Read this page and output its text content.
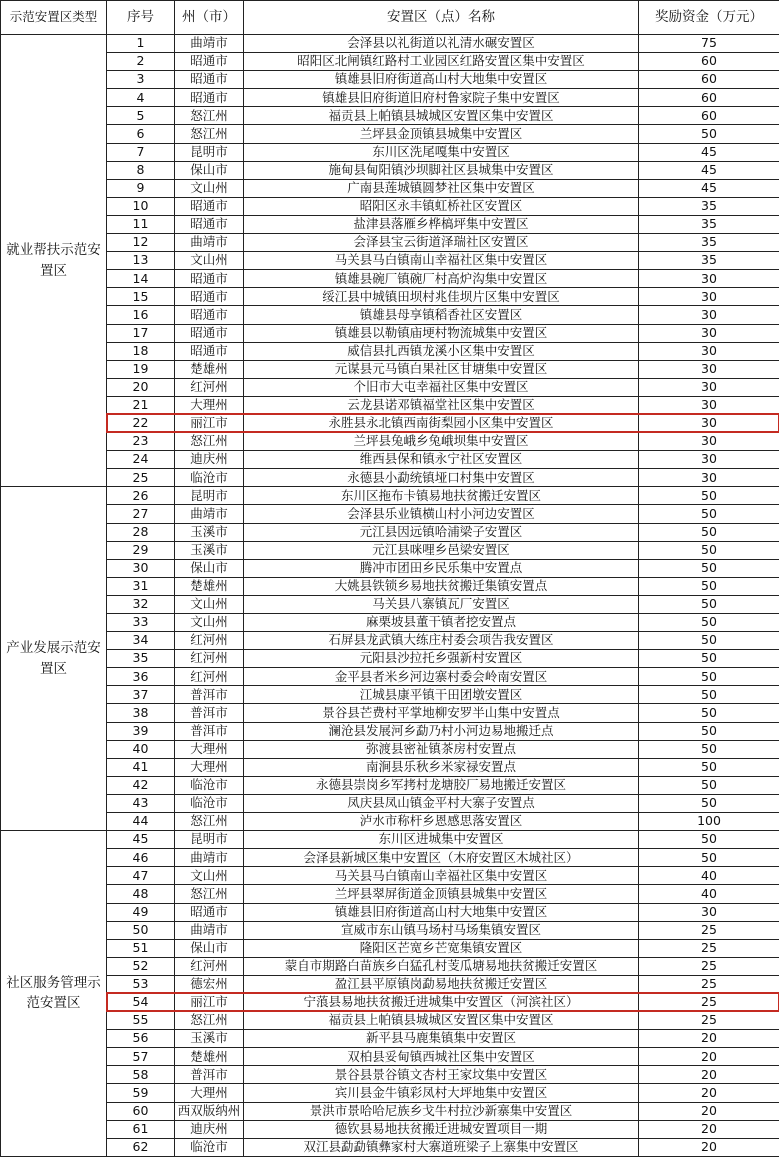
示范安置区类型	序号	州（市）	安置区（点）名称	奖励资金（万元）
就业帮扶示范安置区	1	曲靖市	会泽县以礼街道以礼清水碾安置区	75
	2	昭通市	昭阳区北闸镇红路村工业园区红路安置区集中安置区	60
	3	昭通市	镇雄县旧府街道高山村大地集中安置区	60
	4	昭通市	镇雄县旧府街道旧府村鲁家院子集中安置区	60
	5	怒江州	福贡县上帕镇县城城区安置区集中安置区	60
	6	怒江州	兰坪县金顶镇县城集中安置区	50
	7	昆明市	东川区洗尾嘎集中安置区	45
	8	保山市	施甸县甸阳镇沙坝脚社区县城集中安置区	45
	9	文山州	广南县莲城镇圆梦社区集中安置区	45
	10	昭通市	昭阳区永丰镇虹桥社区安置区	35
	11	昭通市	盐津县落雁乡桦槁坪集中安置区	35
	12	曲靖市	会泽县宝云街道泽瑞社区安置区	35
	13	文山州	马关县马白镇南山幸福社区集中安置区	35
	14	昭通市	镇雄县碗厂镇碗厂村高炉沟集中安置区	30
	15	昭通市	绥江县中城镇田坝村兆佳坝片区集中安置区	30
	16	昭通市	镇雄县母享镇稻香社区安置区	30
	17	昭通市	镇雄县以勒镇庙埂村物流城集中安置区	30
	18	昭通市	威信县扎西镇龙溪小区集中安置区	30
	19	楚雄州	元谋县元马镇白果社区甘塘集中安置区	30
	20	红河州	个旧市大屯幸福社区集中安置区	30
	21	大理州	云龙县诺邓镇福堂社区集中安置区	30
	22	丽江市	永胜县永北镇西南街梨园小区集中安置区	30
	23	怒江州	兰坪县兔峨乡兔峨坝集中安置区	30
	24	迪庆州	维西县保和镇永宁社区安置区	30
	25	临沧市	永德县小勐统镇垭口村集中安置区	30
产业发展示范安置区	26	昆明市	东川区拖布卡镇易地扶贫搬迁安置区	50
	27	曲靖市	会泽县乐业镇横山村小河边安置区	50
	28	玉溪市	元江县因远镇哈浦梁子安置区	50
	29	玉溪市	元江县咪哩乡邑梁安置区	50
	30	保山市	腾冲市团田乡民乐集中安置点	50
	31	楚雄州	大姚县铁锁乡易地扶贫搬迁集镇安置点	50
	32	文山州	马关县八寨镇瓦厂安置区	50
	33	文山州	麻栗坡县董干镇者挖安置点	50
	34	红河州	石屏县龙武镇大练庄村委会项告我安置区	50
	35	红河州	元阳县沙拉托乡强新村安置区	50
	36	红河州	金平县者米乡河边寨村委会岭南安置区	50
	37	普洱市	江城县康平镇干田团墩安置区	50
	38	普洱市	景谷县芒费村平掌地柳安罗半山集中安置点	50
	39	普洱市	澜沧县发展河乡勐乃村小河边易地搬迁点	50
	40	大理州	弥渡县密祉镇茶房村安置点	50
	41	大理州	南涧县乐秋乡米家禄安置点	50
	42	临沧市	永德县崇岗乡军拷村龙塘胶厂易地搬迁安置区	50
	43	临沧市	凤庆县凤山镇金平村大寨子安置点	50
	44	怒江州	泸水市称杆乡恩感思落安置区	100
社区服务管理示范安置区	45	昆明市	东川区进城集中安置区	50
	46	曲靖市	会泽县新城区集中安置区（木府安置区木城社区）	50
	47	文山州	马关县马白镇南山幸福社区集中安置区	40
	48	怒江州	兰坪县翠屏街道金顶镇县城集中安置区	40
	49	昭通市	镇雄县旧府街道高山村大地集中安置区	30
	50	曲靖市	宣威市东山镇马场村马场集镇安置区	25
	51	保山市	隆阳区芒宽乡芒宽集镇安置区	25
	52	红河州	蒙自市期路白苗族乡白猛孔村芰瓜塘易地扶贫搬迁安置区	25
	53	德宏州	盈江县平原镇岗勐易地扶贫搬迁安置区	25
	54	丽江市	宁蒗县易地扶贫搬迁进城集中安置区（河滨社区）	25
	55	怒江州	福贡县上帕镇县城城区安置区集中安置区	25
	56	玉溪市	新平县马鹿集镇集中安置区	20
	57	楚雄州	双柏县妥甸镇西城社区集中安置区	20
	58	普洱市	景谷县景谷镇文杏村王家坟集中安置区	20
	59	大理州	宾川县金牛镇彩凤村大坪地集中安置区	20
	60	西双版纳州	景洪市景哈哈尼族乡戈牛村拉沙新寨集中安置区	20
	61	迪庆州	德钦县易地扶贫搬迁进城安置项目一期	20
	62	临沧市	双江县勐勐镇彝家村大寨道班梁子上寨集中安置区	20
